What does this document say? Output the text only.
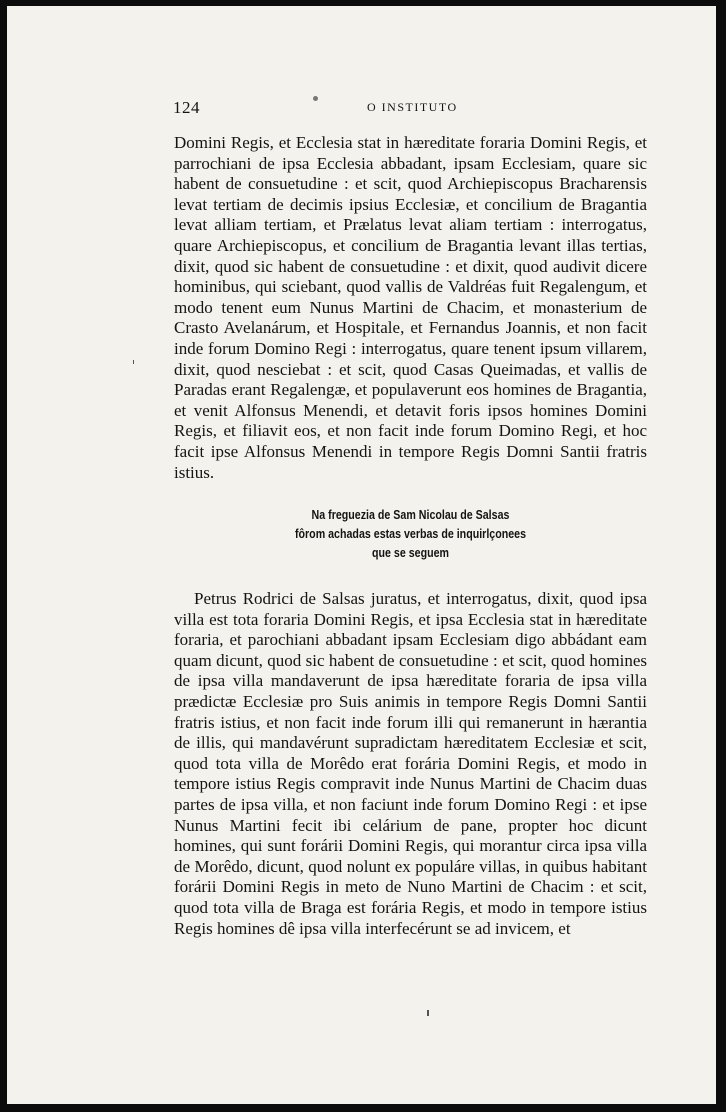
124	O INSTITUTO

Domini Regis, et Ecclesia stat in hæreditate foraria Domini Regis, et parrochiani de ipsa Ecclesia abbadant, ipsam Ecclesiam, quare sic habent de consuetudine : et scit, quod Archiepiscopus Bracharensis levat tertiam de decimis ipsius Ecclesiæ, et concilium de Bragantia levat alliam tertiam, et Prælatus levat aliam tertiam : interrogatus, quare Archiepiscopus, et concilium de Bragantia levant illas tertias, dixit, quod sic habent de consuetudine : et dixit, quod audivit dicere hominibus, qui sciebant, quod vallis de Valdréas fuit Regalengum, et modo tenent eum Nunus Martini de Chacim, et monasterium de Crasto Avelanárum, et Hospitale, et Fernandus Joannis, et non facit inde forum Domino Regi : interrogatus, quare tenent ipsum villarem, dixit, quod nesciebat : et scit, quod Casas Queimadas, et vallis de Paradas erant Regalengæ, et populaverunt eos homines de Bragantia, et venit Alfonsus Menendi, et detavit foris ipsos homines Domini Regis, et filiavit eos, et non facit inde forum Domino Regi, et hoc facit ipse Alfonsus Menendi in tempore Regis Domni Santii fratris istius.

Na freguezia de Sam Nicolau de Salsas
fôrom achadas estas verbas de inquirlçonees
que se seguem

Petrus Rodrici de Salsas juratus, et interrogatus, dixit, quod ipsa villa est tota foraria Domini Regis, et ipsa Ecclesia stat in hæreditate foraria, et parochiani abbadant ipsam Ecclesiam digo abbádant eam quam dicunt, quod sic habent de consuetudine : et scit, quod homines de ipsa villa mandaverunt de ipsa hæreditate foraria de ipsa villa prædictæ Ecclesiæ pro Suis animis in tempore Regis Domni Santii fratris istius, et non facit inde forum illi qui remanerunt in hærantia de illis, qui mandavérunt supradictam hæreditatem Ecclesiæ et scit, quod tota villa de Morêdo erat forária Domini Regis, et modo in tempore istius Regis compravit inde Nunus Martini de Chacim duas partes de ipsa villa, et non faciunt inde forum Domino Regi : et ipse Nunus Martini fecit ibi celárium de pane, propter hoc dicunt homines, qui sunt forárii Domini Regis, qui morantur circa ipsa villa de Morêdo, dicunt, quod nolunt ex populáre villas, in quibus habitant forárii Domini Regis in meto de Nuno Martini de Chacim : et scit, quod tota villa de Braga est forária Regis, et modo in tempore istius Regis homines dê ipsa villa interfecérunt se ad invicem, et
